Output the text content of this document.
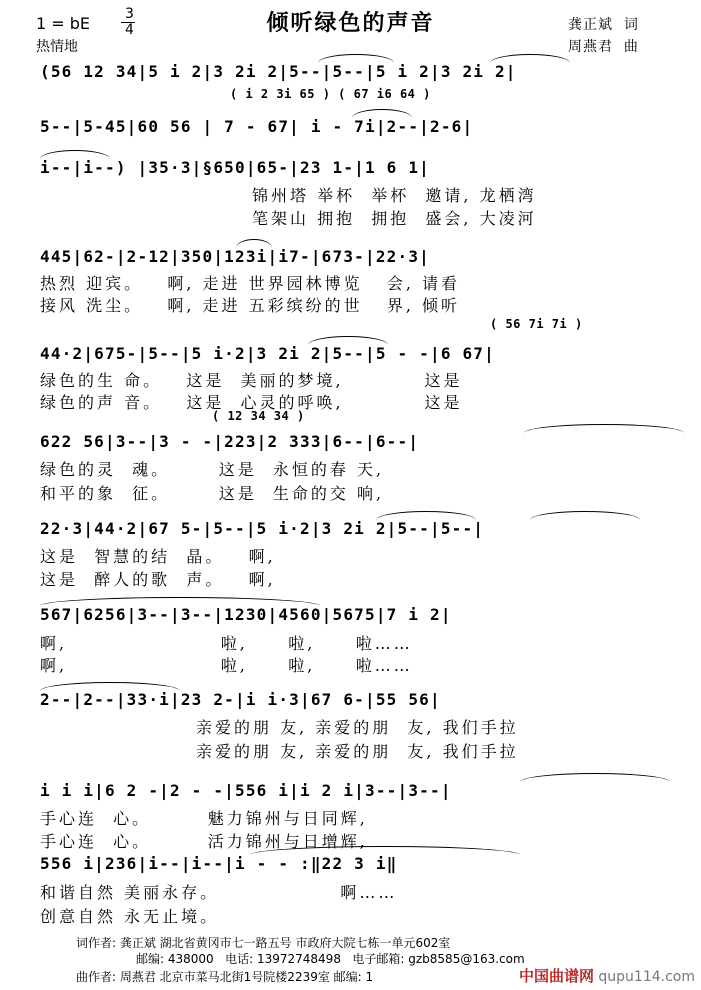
1 = bE 3
4
热情地
倾听绿色的声音	龚正斌  词
周燕君  曲
(56 12 34|5 i 2|3 2i 2|5--|5--|5 i 2|3 2i 2|
( i 2 3i 65 ) ( 67 i6 64 )
5--|5-45|60 56 | 7 - 67| i - 7i|2--|2-6|
i--|i--) |35·3|§650|65-|23 1-|1 6 1|
锦州塔 举杯  举杯  邀请, 龙栖湾
笔架山 拥抱  拥抱  盛会, 大凌河
445|62-|2-12|350|123i|i7-|673-|22·3|
热烈 迎宾。   啊, 走进 世界园林博览   会, 请看
接风 洗尘。   啊, 走进 五彩缤纷的世   界, 倾听
( 56 7i 7i )
44·2|675-|5--|5 i·2|3 2i 2|5--|5 - -|6 67|
绿色的生 命。   这是  美丽的梦境,          这是
绿色的声 音。   这是  心灵的呼唤,          这是
( 12 34 34 )
622 56|3--|3 - -|223|2 333|6--|6--|
绿色的灵  魂。      这是  永恒的春 天,
和平的象  征。      这是  生命的交 响,
22·3|44·2|67 5-|5--|5 i·2|3 2i 2|5--|5--|
这是  智慧的结  晶。   啊,
这是  醉人的歌  声。   啊,
567|6256|3--|3--|1230|4560|5675|7 i 2|
啊,                   啦,     啦,     啦……
啊,                   啦,     啦,     啦……
2--|2--|33·i|23 2-|i i·3|67 6-|55 56|
亲爱的朋 友, 亲爱的朋  友, 我们手拉
亲爱的朋 友, 亲爱的朋  友, 我们手拉
i i i|6 2 -|2 - -|556 i|i 2 i|3--|3--|
手心连  心。       魅力锦州与日同辉,
手心连  心。       活力锦州与日增辉,
556 i|236|i--|i--|i - - :‖22 3 i‖
和谐自然 美丽永存。               啊……
创意自然 永无止境。
词作者: 龚正斌 湖北省黄冈市七一路五号 市政府大院七栋一单元602室
邮编: 438000   电话: 13972748498   电子邮箱: gzb8585@163.com
曲作者: 周燕君 北京市菜马北街1号院楼2239室 邮编: 1	中国曲谱网 qupu114.com
